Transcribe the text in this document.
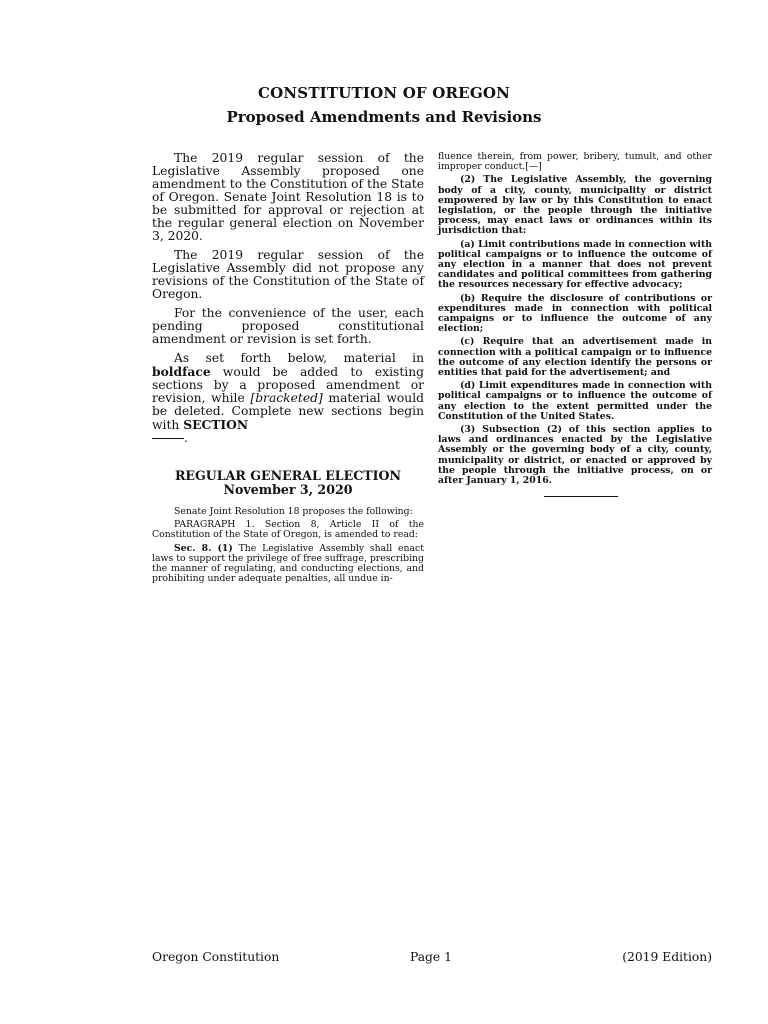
CONSTITUTION OF OREGON
Proposed Amendments and Revisions

The 2019 regular session of the Legislative Assembly proposed one amendment to the Constitution of the State of Oregon. Senate Joint Resolution 18 is to be submitted for approval or rejection at the regular general election on November 3, 2020.

The 2019 regular session of the Legislative Assembly did not propose any revisions of the Constitution of the State of Oregon.

For the convenience of the user, each pending proposed constitutional amendment or revision is set forth.

As set forth below, material in boldface would be added to existing sections by a proposed amendment or revision, while [bracketed] material would be deleted. Complete new sections begin with SECTION
.

REGULAR GENERAL ELECTION
November 3, 2020

Senate Joint Resolution 18 proposes the following:

PARAGRAPH 1. Section 8, Article II of the Constitution of the State of Oregon, is amended to read:

Sec. 8. (1) The Legislative Assembly shall enact laws to support the privilege of free suffrage, prescribing the manner of regulating, and conducting elections, and prohibiting under adequate penalties, all undue in-

fluence therein, from power, bribery, tumult, and other improper conduct.[—]

(2) The Legislative Assembly, the governing body of a city, county, municipality or district empowered by law or by this Constitution to enact legislation, or the people through the initiative process, may enact laws or ordinances within its jurisdiction that:

(a) Limit contributions made in connection with political campaigns or to influence the outcome of any election in a manner that does not prevent candidates and political committees from gathering the resources necessary for effective advocacy;

(b) Require the disclosure of contributions or expenditures made in connection with political campaigns or to influence the outcome of any election;

(c) Require that an advertisement made in connection with a political campaign or to influence the outcome of any election identify the persons or entities that paid for the advertisement; and

(d) Limit expenditures made in connection with political campaigns or to influence the outcome of any election to the extent permitted under the Constitution of the United States.

(3) Subsection (2) of this section applies to laws and ordinances enacted by the Legislative Assembly or the governing body of a city, county, municipality or district, or enacted or approved by the people through the initiative process, on or after January 1, 2016.

Oregon Constitution	Page 1	(2019 Edition)
